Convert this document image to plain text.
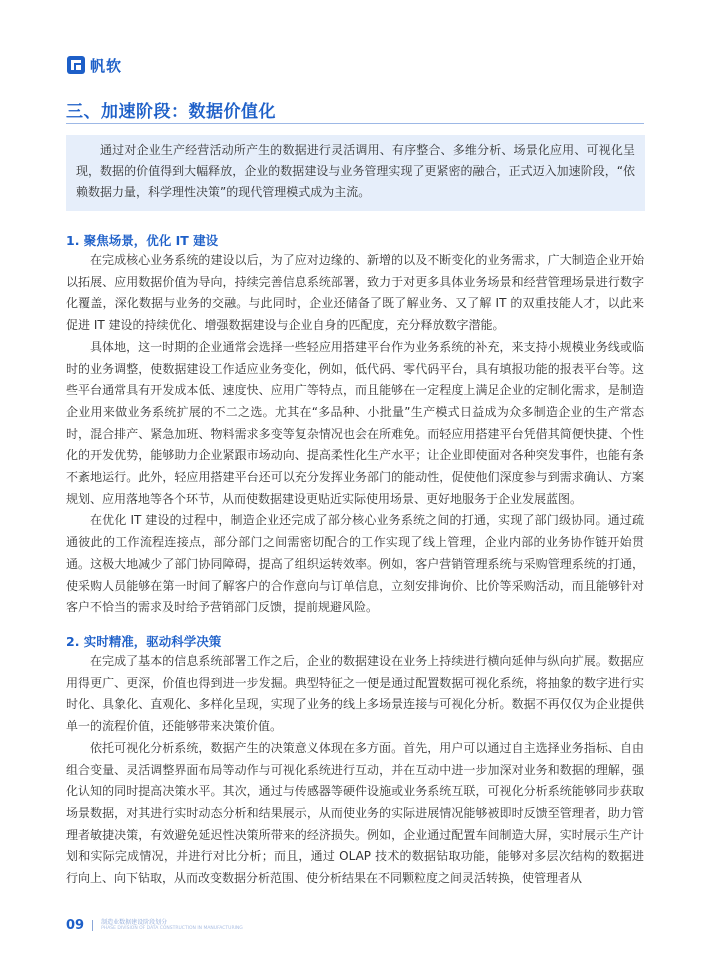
帆软
三、加速阶段：数据价值化

通过对企业生产经营活动所产生的数据进行灵活调用、有序整合、多维分析、场景化应用、可视化呈现，数据的价值得到大幅释放，企业的数据建设与业务管理实现了更紧密的融合，正式迈入加速阶段，“依赖数据力量，科学理性决策”的现代管理模式成为主流。

1. 聚焦场景，优化 IT 建设

在完成核心业务系统的建设以后，为了应对边缘的、新增的以及不断变化的业务需求，广大制造企业开始以拓展、应用数据价值为导向，持续完善信息系统部署，致力于对更多具体业务场景和经营管理场景进行数字化覆盖，深化数据与业务的交融。与此同时，企业还储备了既了解业务、又了解 IT 的双重技能人才，以此来促进 IT 建设的持续优化、增强数据建设与企业自身的匹配度，充分释放数字潜能。

具体地，这一时期的企业通常会选择一些轻应用搭建平台作为业务系统的补充，来支持小规模业务线或临时的业务调整，使数据建设工作适应业务变化，例如，低代码、零代码平台，具有填报功能的报表平台等。这些平台通常具有开发成本低、速度快、应用广等特点，而且能够在一定程度上满足企业的定制化需求，是制造企业用来做业务系统扩展的不二之选。尤其在“多品种、小批量”生产模式日益成为众多制造企业的生产常态时，混合排产、紧急加班、物料需求多变等复杂情况也会在所难免。而轻应用搭建平台凭借其简便快捷、个性化的开发优势，能够助力企业紧跟市场动向、提高柔性化生产水平；让企业即使面对各种突发事件，也能有条不紊地运行。此外，轻应用搭建平台还可以充分发挥业务部门的能动性，促使他们深度参与到需求确认、方案规划、应用落地等各个环节，从而使数据建设更贴近实际使用场景、更好地服务于企业发展蓝图。

在优化 IT 建设的过程中，制造企业还完成了部分核心业务系统之间的打通，实现了部门级协同。通过疏通彼此的工作流程连接点，部分部门之间需密切配合的工作实现了线上管理，企业内部的业务协作链开始贯通。这极大地减少了部门协同障碍，提高了组织运转效率。例如，客户营销管理系统与采购管理系统的打通，使采购人员能够在第一时间了解客户的合作意向与订单信息，立刻安排询价、比价等采购活动，而且能够针对客户不恰当的需求及时给予营销部门反馈，提前规避风险。

2. 实时精准，驱动科学决策

在完成了基本的信息系统部署工作之后，企业的数据建设在业务上持续进行横向延伸与纵向扩展。数据应用得更广、更深，价值也得到进一步发掘。典型特征之一便是通过配置数据可视化系统，将抽象的数字进行实时化、具象化、直观化、多样化呈现，实现了业务的线上多场景连接与可视化分析。数据不再仅仅为企业提供单一的流程价值，还能够带来决策价值。

依托可视化分析系统，数据产生的决策意义体现在多方面。首先，用户可以通过自主选择业务指标、自由组合变量、灵活调整界面布局等动作与可视化系统进行互动，并在互动中进一步加深对业务和数据的理解，强化认知的同时提高决策水平。其次，通过与传感器等硬件设施或业务系统互联，可视化分析系统能够同步获取场景数据，对其进行实时动态分析和结果展示，从而使业务的实际进展情况能够被即时反馈至管理者，助力管理者敏捷决策，有效避免延迟性决策所带来的经济损失。例如，企业通过配置车间制造大屏，实时展示生产计划和实际完成情况，并进行对比分析；而且，通过 OLAP 技术的数据钻取功能，能够对多层次结构的数据进行向上、向下钻取，从而改变数据分析范围、使分析结果在不同颗粒度之间灵活转换，使管理者从

09	制造业数据建设阶段划分
PHASE DIVISION OF DATA CONSTRUCTION IN MANUFACTURING
